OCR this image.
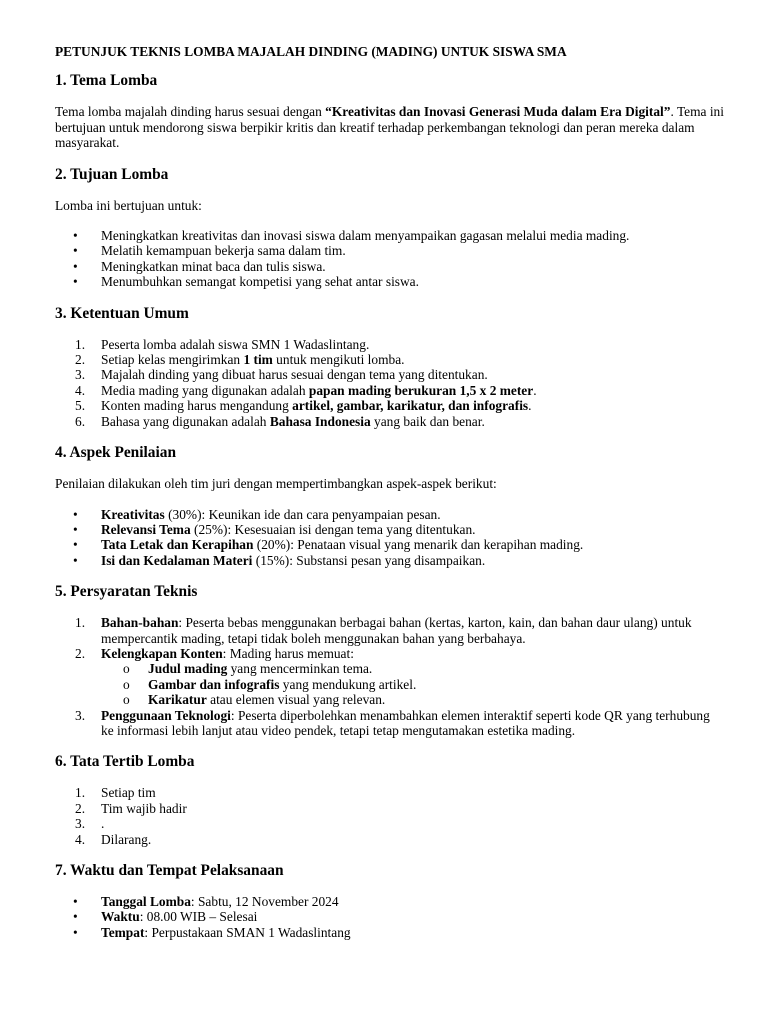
PETUNJUK TEKNIS LOMBA MAJALAH DINDING (MADING) UNTUK SISWA SMA
1. Tema Lomba

Tema lomba majalah dinding harus sesuai dengan “Kreativitas dan Inovasi Generasi Muda dalam Era Digital”. Tema ini bertujuan untuk mendorong siswa berpikir kritis dan kreatif terhadap perkembangan teknologi dan peran mereka dalam masyarakat.

2. Tujuan Lomba

Lomba ini bertujuan untuk:

• Meningkatkan kreativitas dan inovasi siswa dalam menyampaikan gagasan melalui media mading.
• Melatih kemampuan bekerja sama dalam tim.
• Meningkatkan minat baca dan tulis siswa.
• Menumbuhkan semangat kompetisi yang sehat antar siswa.
3. Ketentuan Umum
1. Peserta lomba adalah siswa SMN 1 Wadaslintang.
2. Setiap kelas mengirimkan 1 tim untuk mengikuti lomba.
3. Majalah dinding yang dibuat harus sesuai dengan tema yang ditentukan.
4. Media mading yang digunakan adalah papan mading berukuran 1,5 x 2 meter.
5. Konten mading harus mengandung artikel, gambar, karikatur, dan infografis.
6. Bahasa yang digunakan adalah Bahasa Indonesia yang baik dan benar.
4. Aspek Penilaian

Penilaian dilakukan oleh tim juri dengan mempertimbangkan aspek-aspek berikut:

• Kreativitas (30%): Keunikan ide dan cara penyampaian pesan.
• Relevansi Tema (25%): Kesesuaian isi dengan tema yang ditentukan.
• Tata Letak dan Kerapihan (20%): Penataan visual yang menarik dan kerapihan mading.
• Isi dan Kedalaman Materi (15%): Substansi pesan yang disampaikan.
5. Persyaratan Teknis
1. Bahan-bahan: Peserta bebas menggunakan berbagai bahan (kertas, karton, kain, dan bahan daur ulang) untuk mempercantik mading, tetapi tidak boleh menggunakan bahan yang berbahaya.
2. Kelengkapan Konten: Mading harus memuat:
o Judul mading yang mencerminkan tema.
o Gambar dan infografis yang mendukung artikel.
o Karikatur atau elemen visual yang relevan.
3. Penggunaan Teknologi: Peserta diperbolehkan menambahkan elemen interaktif seperti kode QR yang terhubung ke informasi lebih lanjut atau video pendek, tetapi tetap mengutamakan estetika mading.
6. Tata Tertib Lomba
1. Setiap tim
2. Tim wajib hadir
3. .
4. Dilarang.
7. Waktu dan Tempat Pelaksanaan
• Tanggal Lomba: Sabtu, 12 November 2024
• Waktu: 08.00 WIB – Selesai
• Tempat: Perpustakaan SMAN 1 Wadaslintang
